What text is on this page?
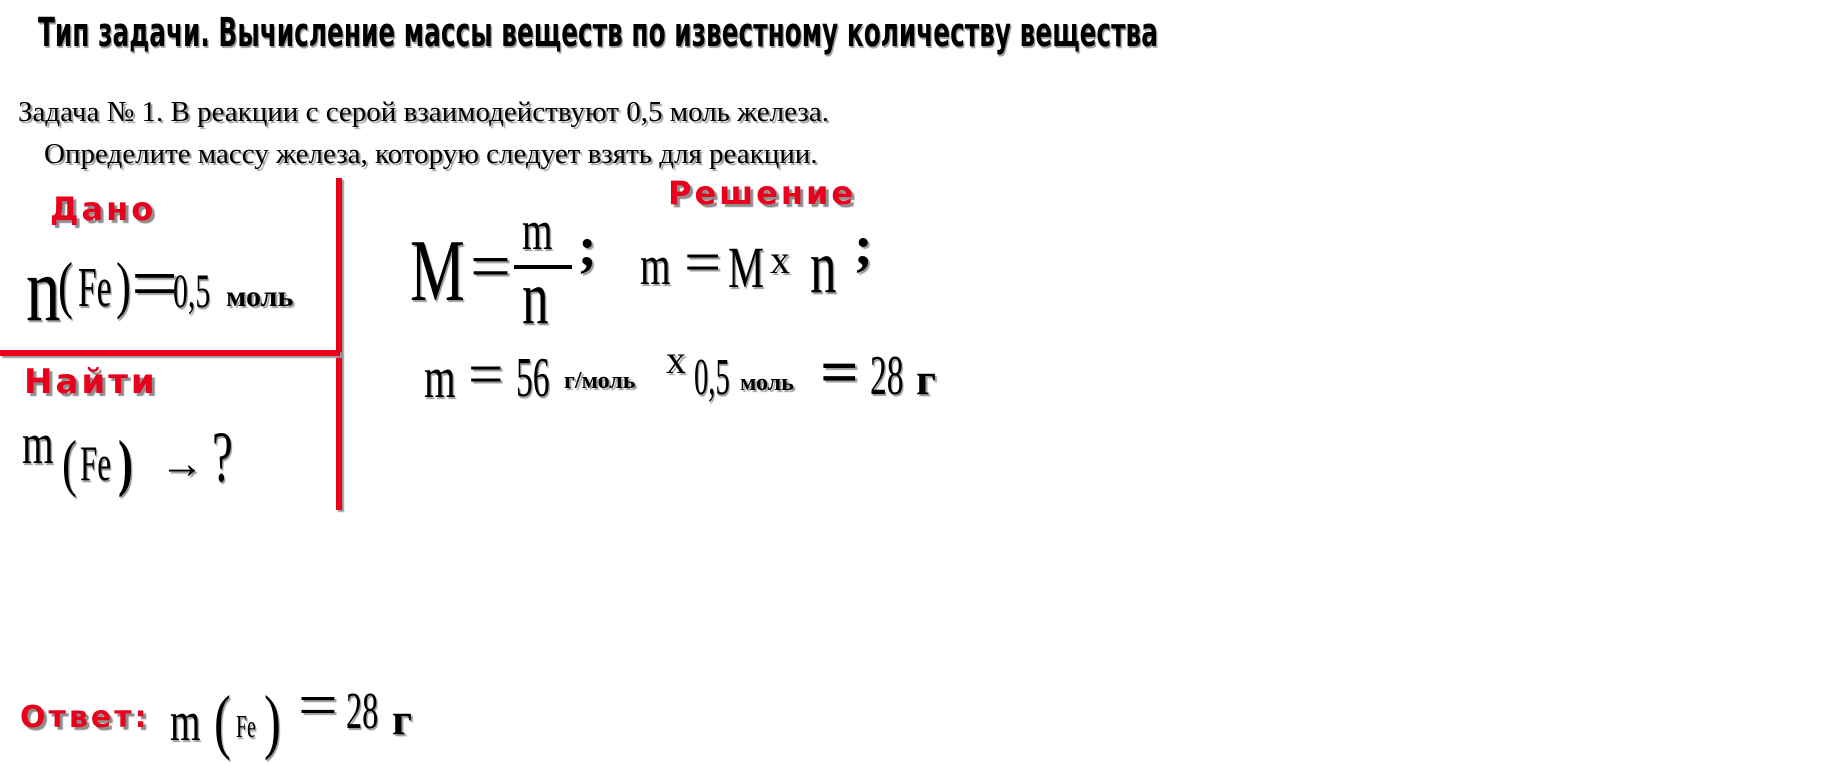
Тип задачи. Вычисление массы веществ по известному количеству вещества
Задача № 1. В реакции с серой взаимодействуют 0,5 моль железа.
Определите массу железа, которую следует взять для реакции.
Дано
n
( Fe ) =
0,5 моль
Найти
m ( Fe ) → ?
Решение
M = m
n
; m = M x n ;
m = 56 г/моль x 0,5 моль = 28 г
Ответ: m ( Fe ) = 28 г
